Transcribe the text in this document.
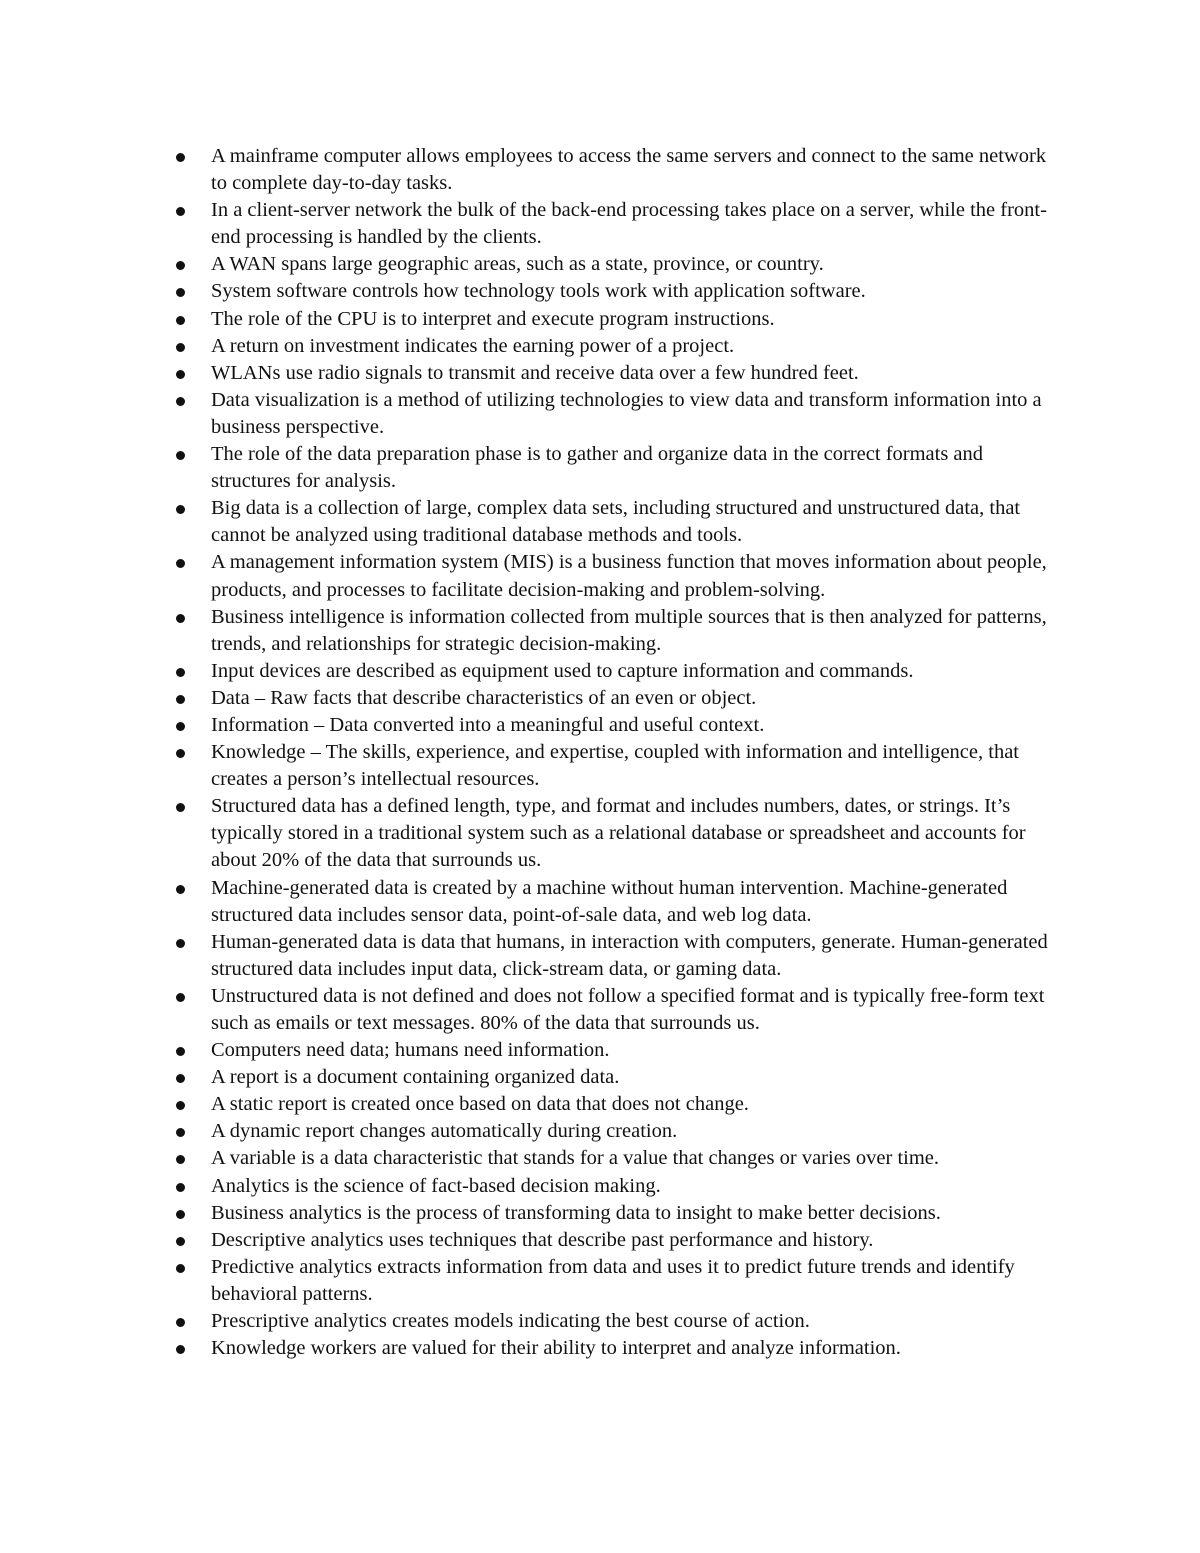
A mainframe computer allows employees to access the same servers and connect to the same network to complete day-to-day tasks.
In a client-server network the bulk of the back-end processing takes place on a server, while the front-end processing is handled by the clients.
A WAN spans large geographic areas, such as a state, province, or country.
System software controls how technology tools work with application software.
The role of the CPU is to interpret and execute program instructions.
A return on investment indicates the earning power of a project.
WLANs use radio signals to transmit and receive data over a few hundred feet.
Data visualization is a method of utilizing technologies to view data and transform information into a business perspective.
The role of the data preparation phase is to gather and organize data in the correct formats and structures for analysis.
Big data is a collection of large, complex data sets, including structured and unstructured data, that cannot be analyzed using traditional database methods and tools.
A management information system (MIS) is a business function that moves information about people, products, and processes to facilitate decision-making and problem-solving.
Business intelligence is information collected from multiple sources that is then analyzed for patterns, trends, and relationships for strategic decision-making.
Input devices are described as equipment used to capture information and commands.
Data – Raw facts that describe characteristics of an even or object.
Information – Data converted into a meaningful and useful context.
Knowledge – The skills, experience, and expertise, coupled with information and intelligence, that creates a person’s intellectual resources.
Structured data has a defined length, type, and format and includes numbers, dates, or strings. It’s typically stored in a traditional system such as a relational database or spreadsheet and accounts for about 20% of the data that surrounds us.
Machine-generated data is created by a machine without human intervention. Machine-generated structured data includes sensor data, point-of-sale data, and web log data.
Human-generated data is data that humans, in interaction with computers, generate. Human-generated structured data includes input data, click-stream data, or gaming data.
Unstructured data is not defined and does not follow a specified format and is typically free-form text such as emails or text messages. 80% of the data that surrounds us.
Computers need data; humans need information.
A report is a document containing organized data.
A static report is created once based on data that does not change.
A dynamic report changes automatically during creation.
A variable is a data characteristic that stands for a value that changes or varies over time.
Analytics is the science of fact-based decision making.
Business analytics is the process of transforming data to insight to make better decisions.
Descriptive analytics uses techniques that describe past performance and history.
Predictive analytics extracts information from data and uses it to predict future trends and identify behavioral patterns.
Prescriptive analytics creates models indicating the best course of action.
Knowledge workers are valued for their ability to interpret and analyze information.
